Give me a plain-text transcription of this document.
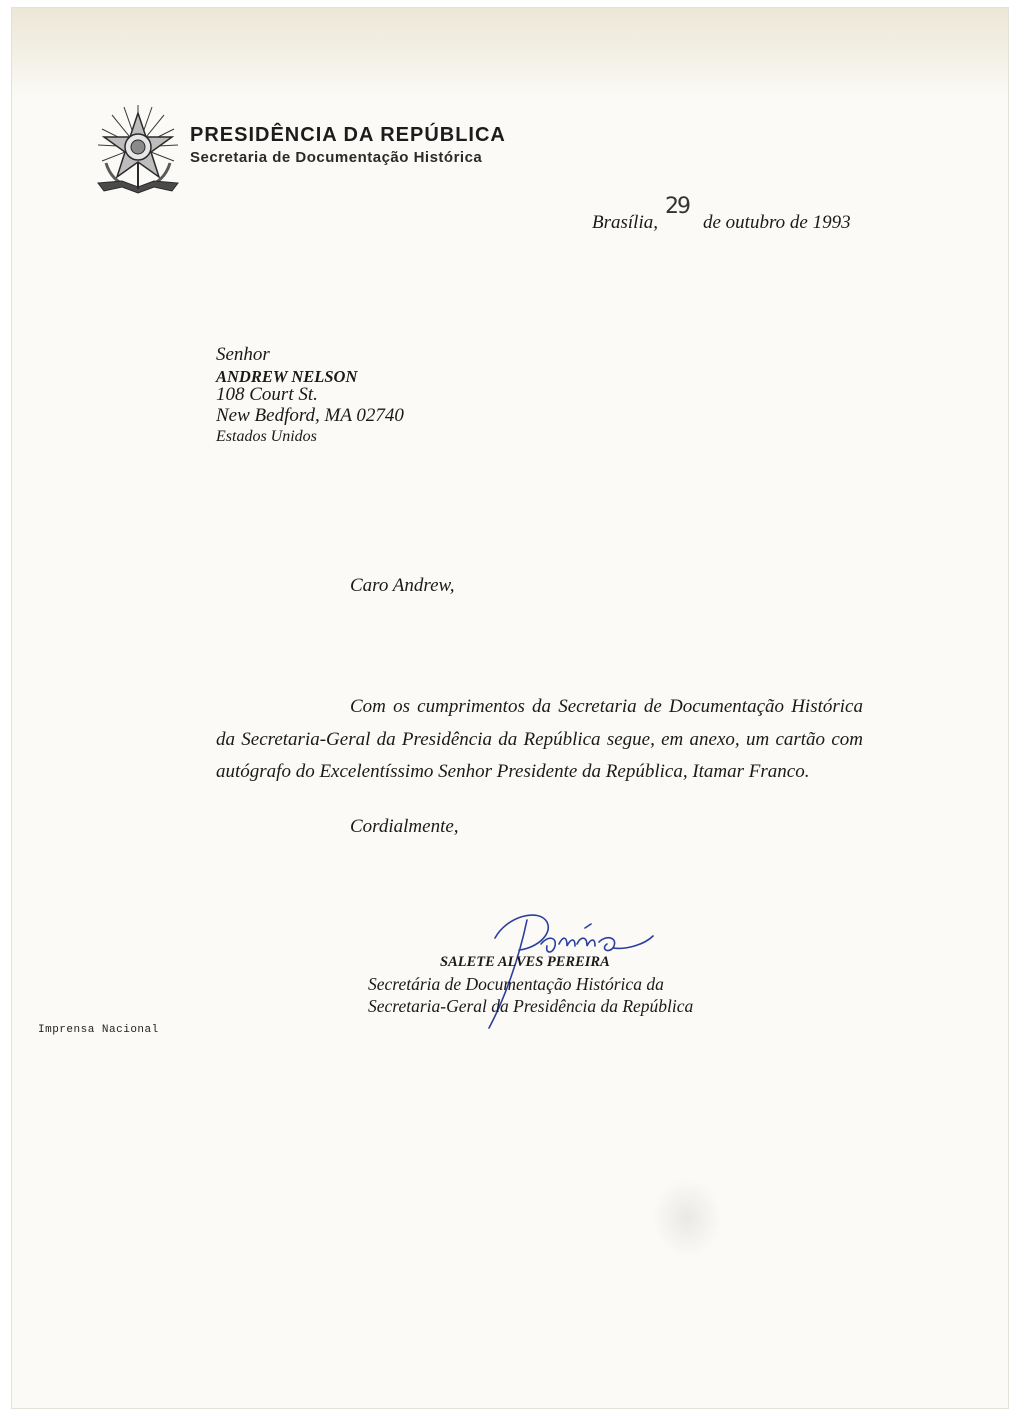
PRESIDÊNCIA DA REPÚBLICA
Secretaria de Documentação Histórica
Brasília,
29
de outubro de 1993
Senhor
ANDREW NELSON
108 Court St.
New Bedford, MA 02740
Estados Unidos
Caro Andrew,
Com os cumprimentos da Secretaria de Documentação Histórica da Secretaria-Geral da Presidência da República segue, em anexo, um cartão com autógrafo do Excelentíssimo Senhor Presidente da República, Itamar Franco.
Cordialmente,
SALETE ALVES PEREIRA
Secretária de Documentação Histórica da
Secretaria-Geral da Presidência da República
Imprensa Nacional
